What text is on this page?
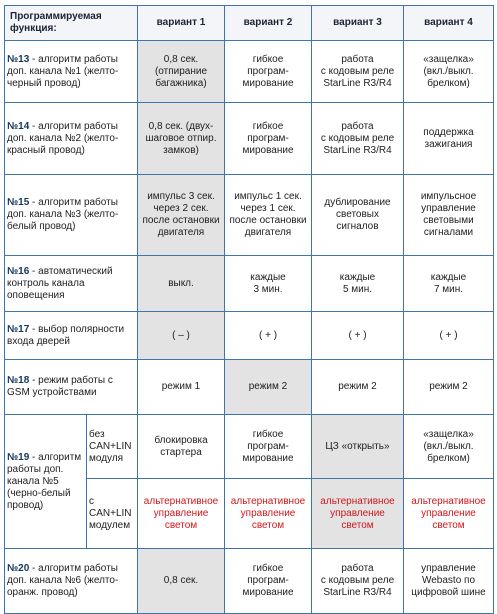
Программируемая функция:		вариант 1	вариант 2	вариант 3	вариант 4
№13 - алгоритм работы доп. канала №1 (желто-черный провод)		0,8 сек.
(отпирание
багажника)	гибкое
програм-
мирование	работа
с кодовым реле
StarLine R3/R4	«защелка»
(вкл./выкл.
брелком)
№14 - алгоритм работы доп. канала №2 (желто-красный провод)		0,8 сек. (двух-
шаговое отпир.
замков)	гибкое
програм-
мирование	работа
с кодовым реле
StarLine R3/R4	поддержка
зажигания
№15 - алгоритм работы доп. канала №3 (желто-белый провод)		импульс 3 сек.
через 2 сек.
после остановки
двигателя	импульс 1 сек.
через 1 сек.
после остановки
двигателя	дублирование
световых
сигналов	импульсное
управление
световыми
сигналами
№16 - автоматический контроль канала оповещения		выкл.	каждые
3 мин.	каждые
5 мин.	каждые
7 мин.
№17 - выбор полярности входа дверей		( – )	( + )	( + )	( + )
№18 - режим работы с GSM устройствами		режим 1	режим 2	режим 2	режим 2
№19 - алгоритм работы доп. канала №5 (черно-белый провод)	без
CAN+LIN
модуля	блокировка
стартера	гибкое
програм-
мирование	ЦЗ «открыть»	«защелка»
(вкл./выкл.
брелком)
	с CAN+LIN
модулем	альтернативное
управление
светом	альтернативное
управление
светом	альтернативное
управление
светом	альтернативное
управление светом
№20 - алгоритм работы доп. канала №6 (желто-оранж. провод)		0,8 сек.	гибкое
програм-
мирование	работа
с кодовым реле
StarLine R3/R4	управление
Webasto по
цифровой шине
